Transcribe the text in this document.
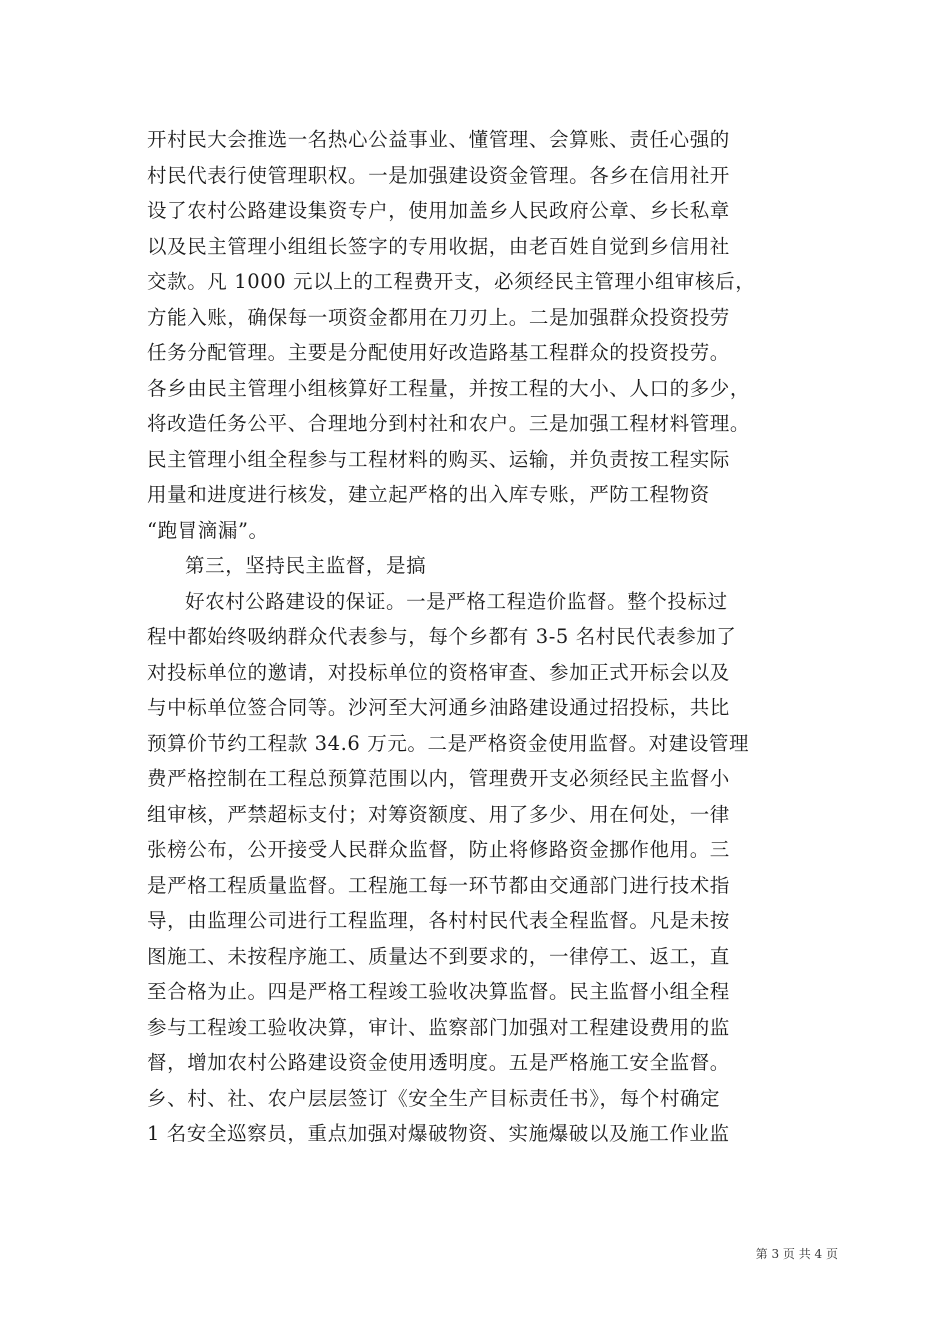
开村民大会推选一名热心公益事业、懂管理、会算账、责任心强的
村民代表行使管理职权。一是加强建设资金管理。各乡在信用社开
设了农村公路建设集资专户，使用加盖乡人民政府公章、乡长私章
以及民主管理小组组长签字的专用收据，由老百姓自觉到乡信用社
交款。凡 1000 元以上的工程费开支，必须经民主管理小组审核后，
方能入账，确保每一项资金都用在刀刃上。二是加强群众投资投劳
任务分配管理。主要是分配使用好改造路基工程群众的投资投劳。
各乡由民主管理小组核算好工程量，并按工程的大小、人口的多少，
将改造任务公平、合理地分到村社和农户。三是加强工程材料管理。
民主管理小组全程参与工程材料的购买、运输，并负责按工程实际
用量和进度进行核发，建立起严格的出入库专账，严防工程物资
“跑冒滴漏”。
第三，坚持民主监督，是搞
好农村公路建设的保证。一是严格工程造价监督。整个投标过
程中都始终吸纳群众代表参与，每个乡都有 3-5 名村民代表参加了
对投标单位的邀请，对投标单位的资格审查、参加正式开标会以及
与中标单位签合同等。沙河至大河通乡油路建设通过招投标，共比
预算价节约工程款 34.6 万元。二是严格资金使用监督。对建设管理
费严格控制在工程总预算范围以内，管理费开支必须经民主监督小
组审核，严禁超标支付；对筹资额度、用了多少、用在何处，一律
张榜公布，公开接受人民群众监督，防止将修路资金挪作他用。三
是严格工程质量监督。工程施工每一环节都由交通部门进行技术指
导，由监理公司进行工程监理，各村村民代表全程监督。凡是未按
图施工、未按程序施工、质量达不到要求的，一律停工、返工，直
至合格为止。四是严格工程竣工验收决算监督。民主监督小组全程
参与工程竣工验收决算，审计、监察部门加强对工程建设费用的监
督，增加农村公路建设资金使用透明度。五是严格施工安全监督。
乡、村、社、农户层层签订《安全生产目标责任书》，每个村确定
1 名安全巡察员，重点加强对爆破物资、实施爆破以及施工作业监
第 3 页 共 4 页
